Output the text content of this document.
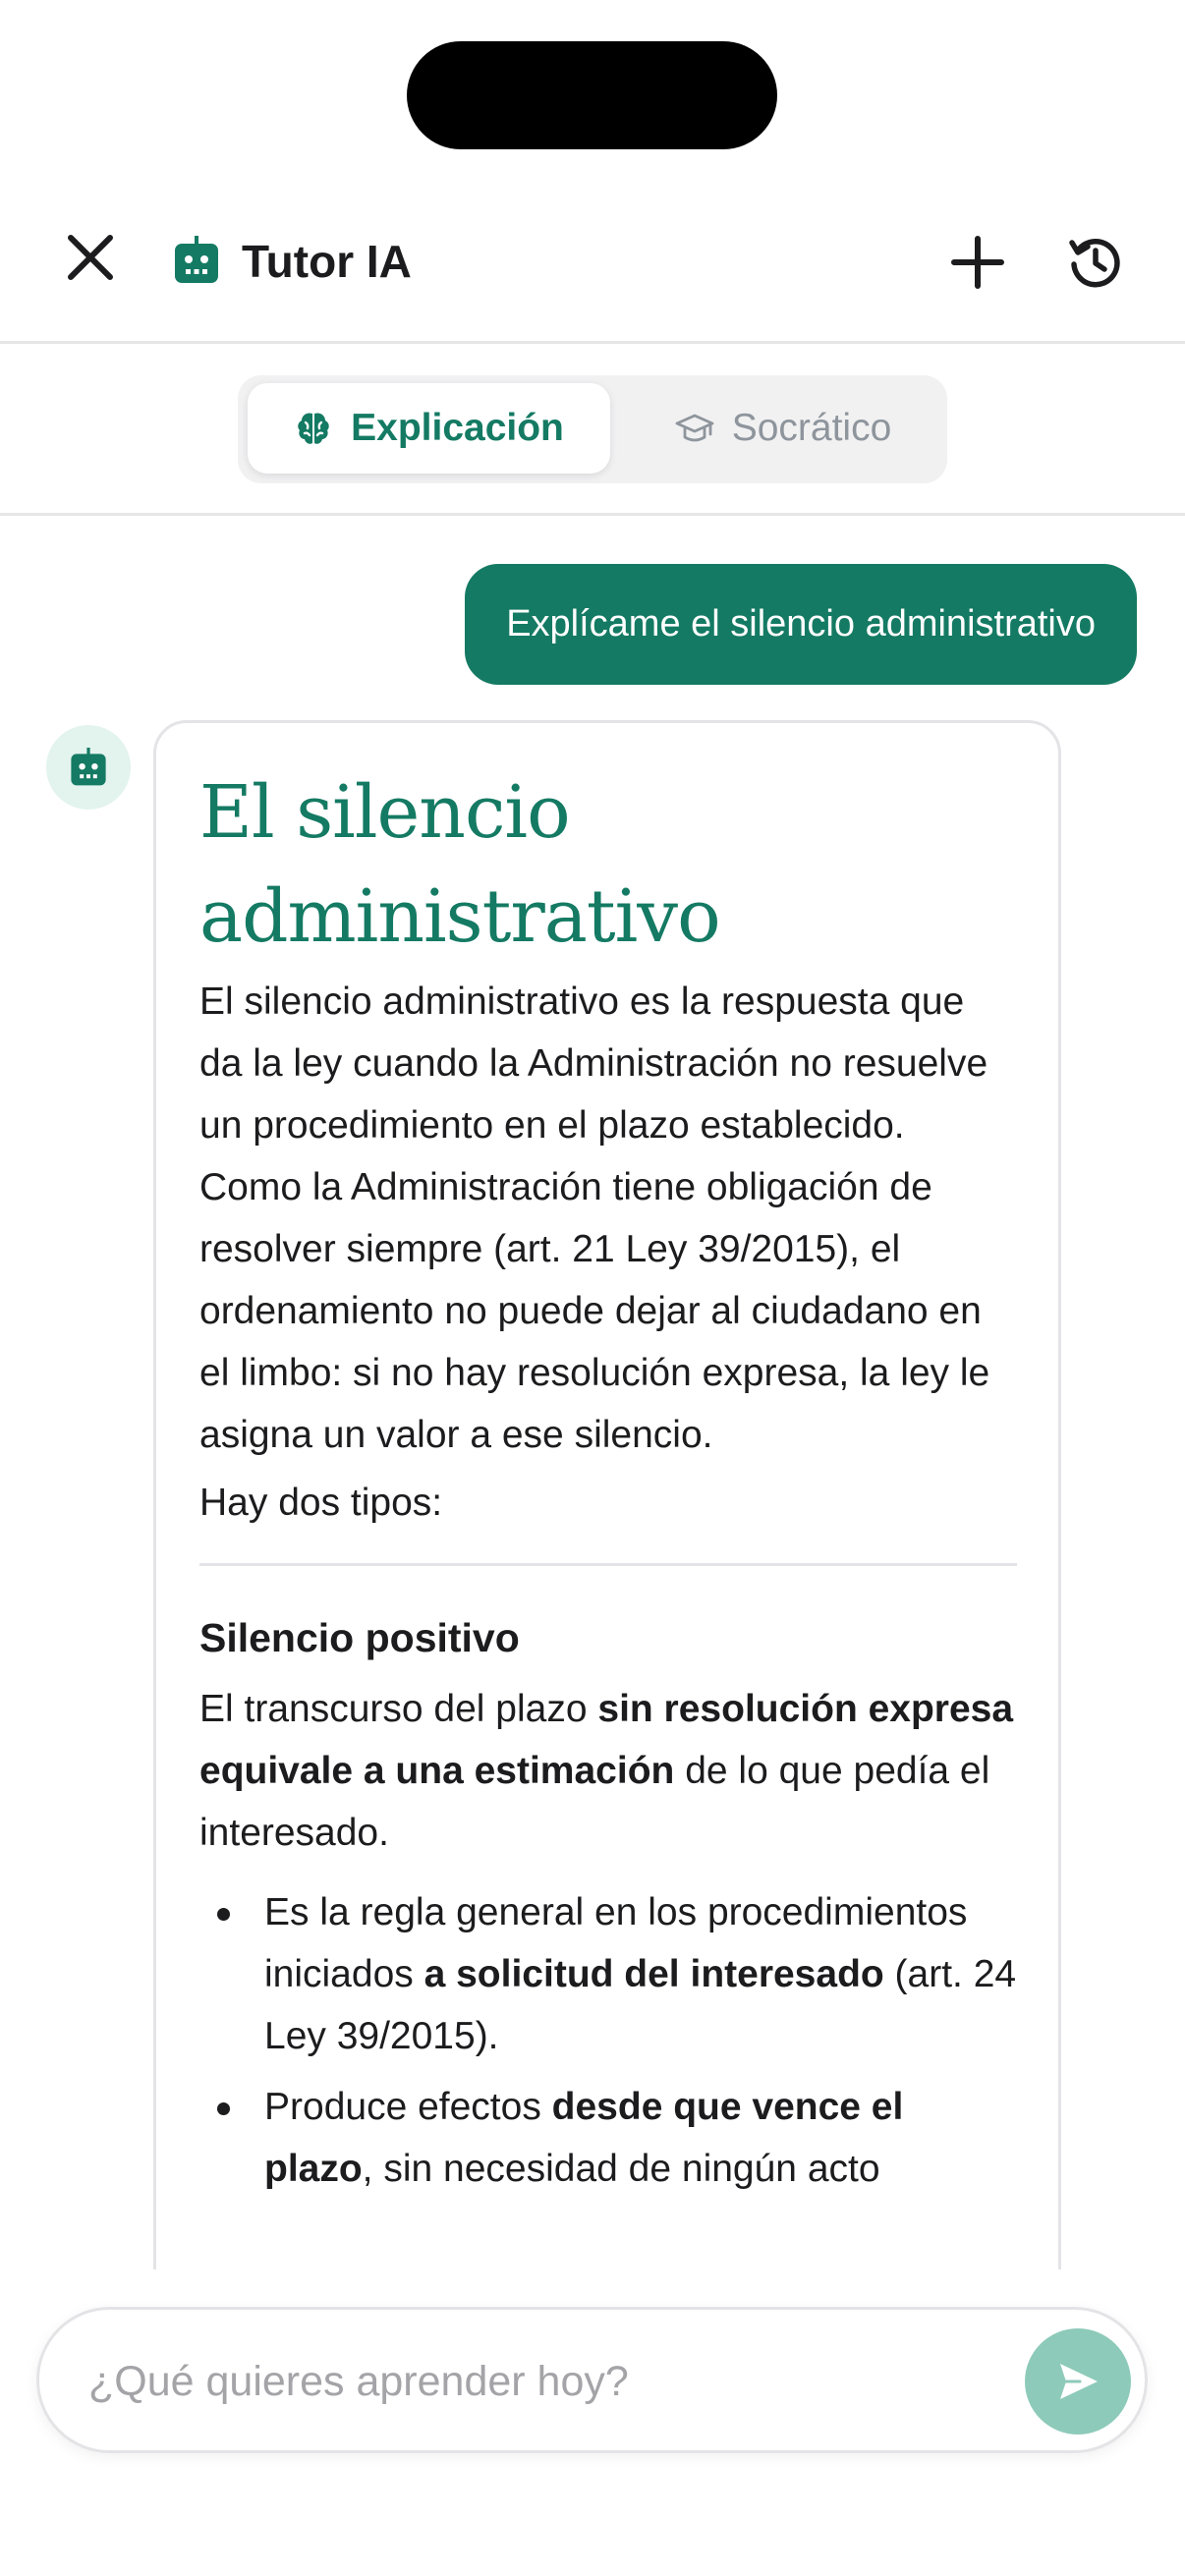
Tutor IA
Explicación	Socrático
Explícame el silencio administrativo
El silencio administrativo

El silencio administrativo es la respuesta que da la ley cuando la Administración no resuelve un procedimiento en el plazo establecido. Como la Administración tiene obligación de resolver siempre (art. 21 Ley 39/2015), el ordenamiento no puede dejar al ciudadano en el limbo: si no hay resolución expresa, la ley le asigna un valor a ese silencio.

Hay dos tipos:

Silencio positivo

El transcurso del plazo sin resolución expresa equivale a una estimación de lo que pedía el interesado.

Es la regla general en los procedimientos iniciados a solicitud del interesado (art. 24 Ley 39/2015).
Produce efectos desde que vence el plazo, sin necesidad de ningún acto
¿Qué quieres aprender hoy?
